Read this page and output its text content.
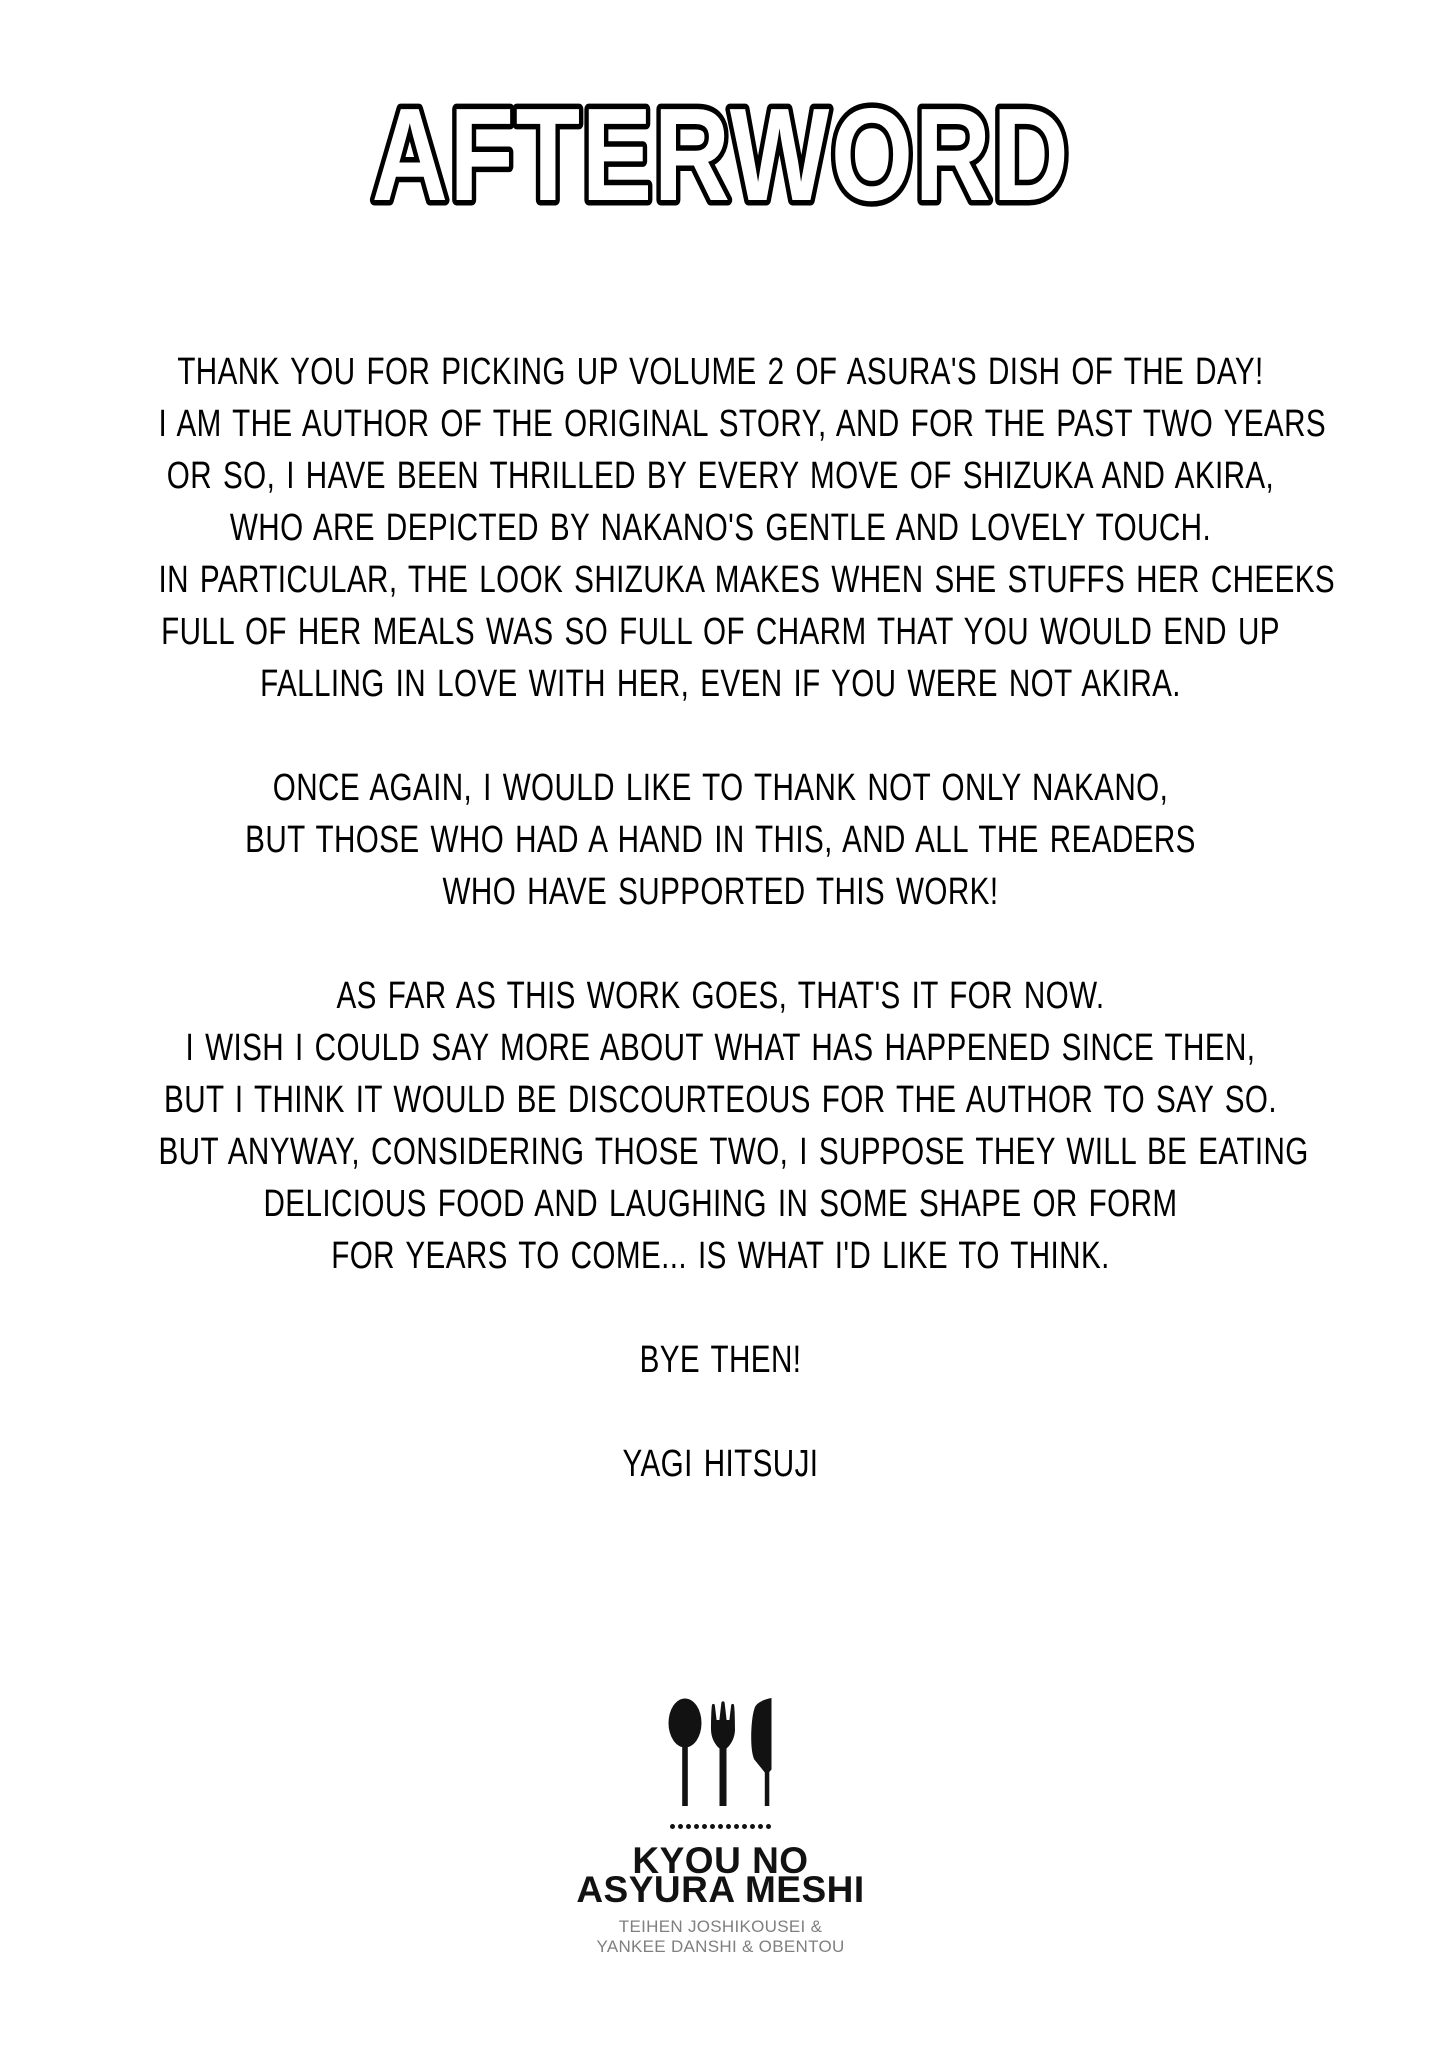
AFTERWORD
THANK YOU FOR PICKING UP VOLUME 2 OF ASURA'S DISH OF THE DAY!
I AM THE AUTHOR OF THE ORIGINAL STORY, AND FOR THE PAST TWO YEARS
OR SO, I HAVE BEEN THRILLED BY EVERY MOVE OF SHIZUKA AND AKIRA,
WHO ARE DEPICTED BY NAKANO'S GENTLE AND LOVELY TOUCH.
IN PARTICULAR, THE LOOK SHIZUKA MAKES WHEN SHE STUFFS HER CHEEKS
FULL OF HER MEALS WAS SO FULL OF CHARM THAT YOU WOULD END UP
FALLING IN LOVE WITH HER, EVEN IF YOU WERE NOT AKIRA.
ONCE AGAIN, I WOULD LIKE TO THANK NOT ONLY NAKANO,
BUT THOSE WHO HAD A HAND IN THIS, AND ALL THE READERS
WHO HAVE SUPPORTED THIS WORK!
AS FAR AS THIS WORK GOES, THAT'S IT FOR NOW.
I WISH I COULD SAY MORE ABOUT WHAT HAS HAPPENED SINCE THEN,
BUT I THINK IT WOULD BE DISCOURTEOUS FOR THE AUTHOR TO SAY SO.
BUT ANYWAY, CONSIDERING THOSE TWO, I SUPPOSE THEY WILL BE EATING
DELICIOUS FOOD AND LAUGHING IN SOME SHAPE OR FORM
FOR YEARS TO COME... IS WHAT I'D LIKE TO THINK.
BYE THEN!
YAGI HITSUJI
KYOU NO
ASYURA MESHI
TEIHEN JOSHIKOUSEI &
YANKEE DANSHI & OBENTOU
